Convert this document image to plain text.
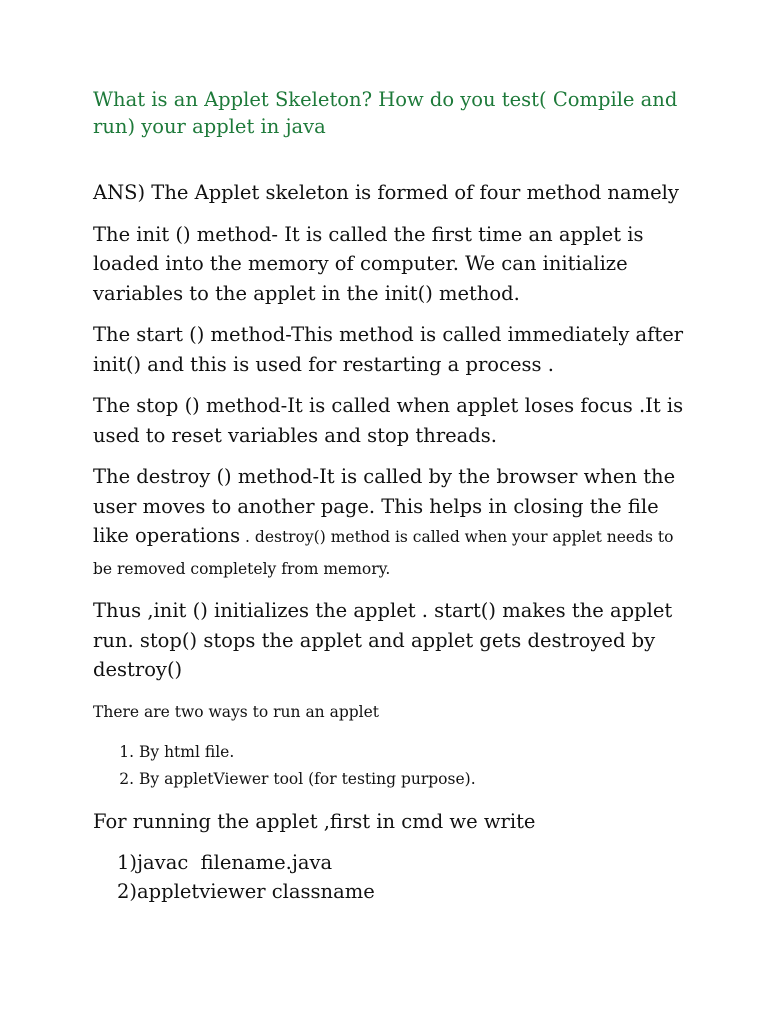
What is an Applet Skeleton? How do you test( Compile and run) your applet in java

ANS) The Applet skeleton is formed of four method namely

The init () method- It is called the first time an applet is loaded into the memory of computer. We can initialize variables to the applet in the init() method.

The start () method-This method is called immediately after init() and this is used for restarting a process .

The stop () method-It is called when applet loses focus .It is used to reset variables and stop threads.

The destroy () method-It is called by the browser when the user moves to another page. This helps in closing the file like operations . destroy() method is called when your applet needs to be removed completely from memory.

Thus ,init () initializes the applet . start() makes the applet run. stop() stops the applet and applet gets destroyed by destroy()

There are two ways to run an applet

1. By html file.
2. By appletViewer tool (for testing purpose).

For running the applet ,first in cmd we write

1)javac  filename.java
2)appletviewer classname
